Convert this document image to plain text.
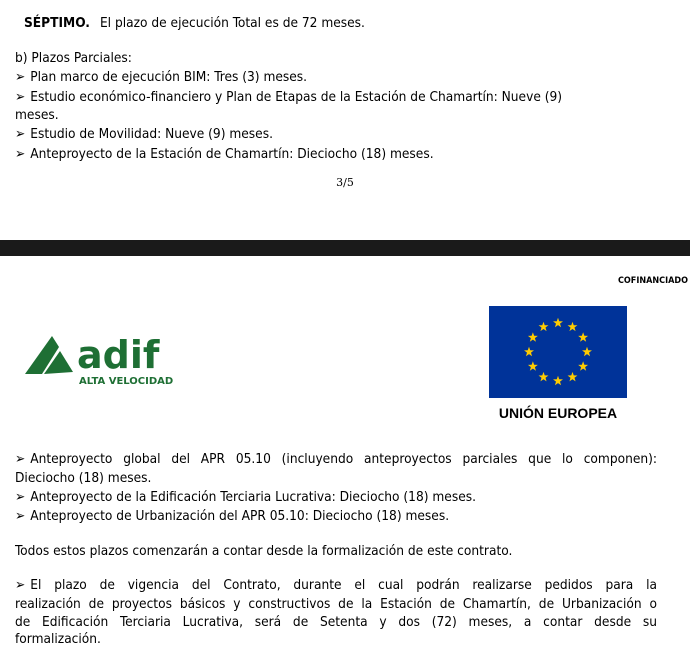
SÉPTIMO. El plazo de ejecución Total es de 72 meses.
b) Plazos Parciales:
➢ Plan marco de ejecución BIM: Tres (3) meses.
➢ Estudio económico-financiero y Plan de Etapas de la Estación de Chamartín: Nueve (9)
meses.
➢ Estudio de Movilidad: Nueve (9) meses.
➢ Anteproyecto de la Estación de Chamartín: Dieciocho (18) meses.
3/5
COFINANCIADO
adif
ALTA VELOCIDAD
UNIÓN EUROPEA
➢ Anteproyecto global del APR 05.10 (incluyendo anteproyectos parciales que lo componen):
Dieciocho (18) meses.
➢ Anteproyecto de la Edificación Terciaria Lucrativa: Dieciocho (18) meses.
➢ Anteproyecto de Urbanización del APR 05.10: Dieciocho (18) meses.
Todos estos plazos comenzarán a contar desde la formalización de este contrato.
➢ El plazo de vigencia del Contrato, durante el cual podrán realizarse pedidos para la
realización de proyectos básicos y constructivos de la Estación de Chamartín, de Urbanización o
de Edificación Terciaria Lucrativa, será de Setenta y dos (72) meses, a contar desde su
formalización.
